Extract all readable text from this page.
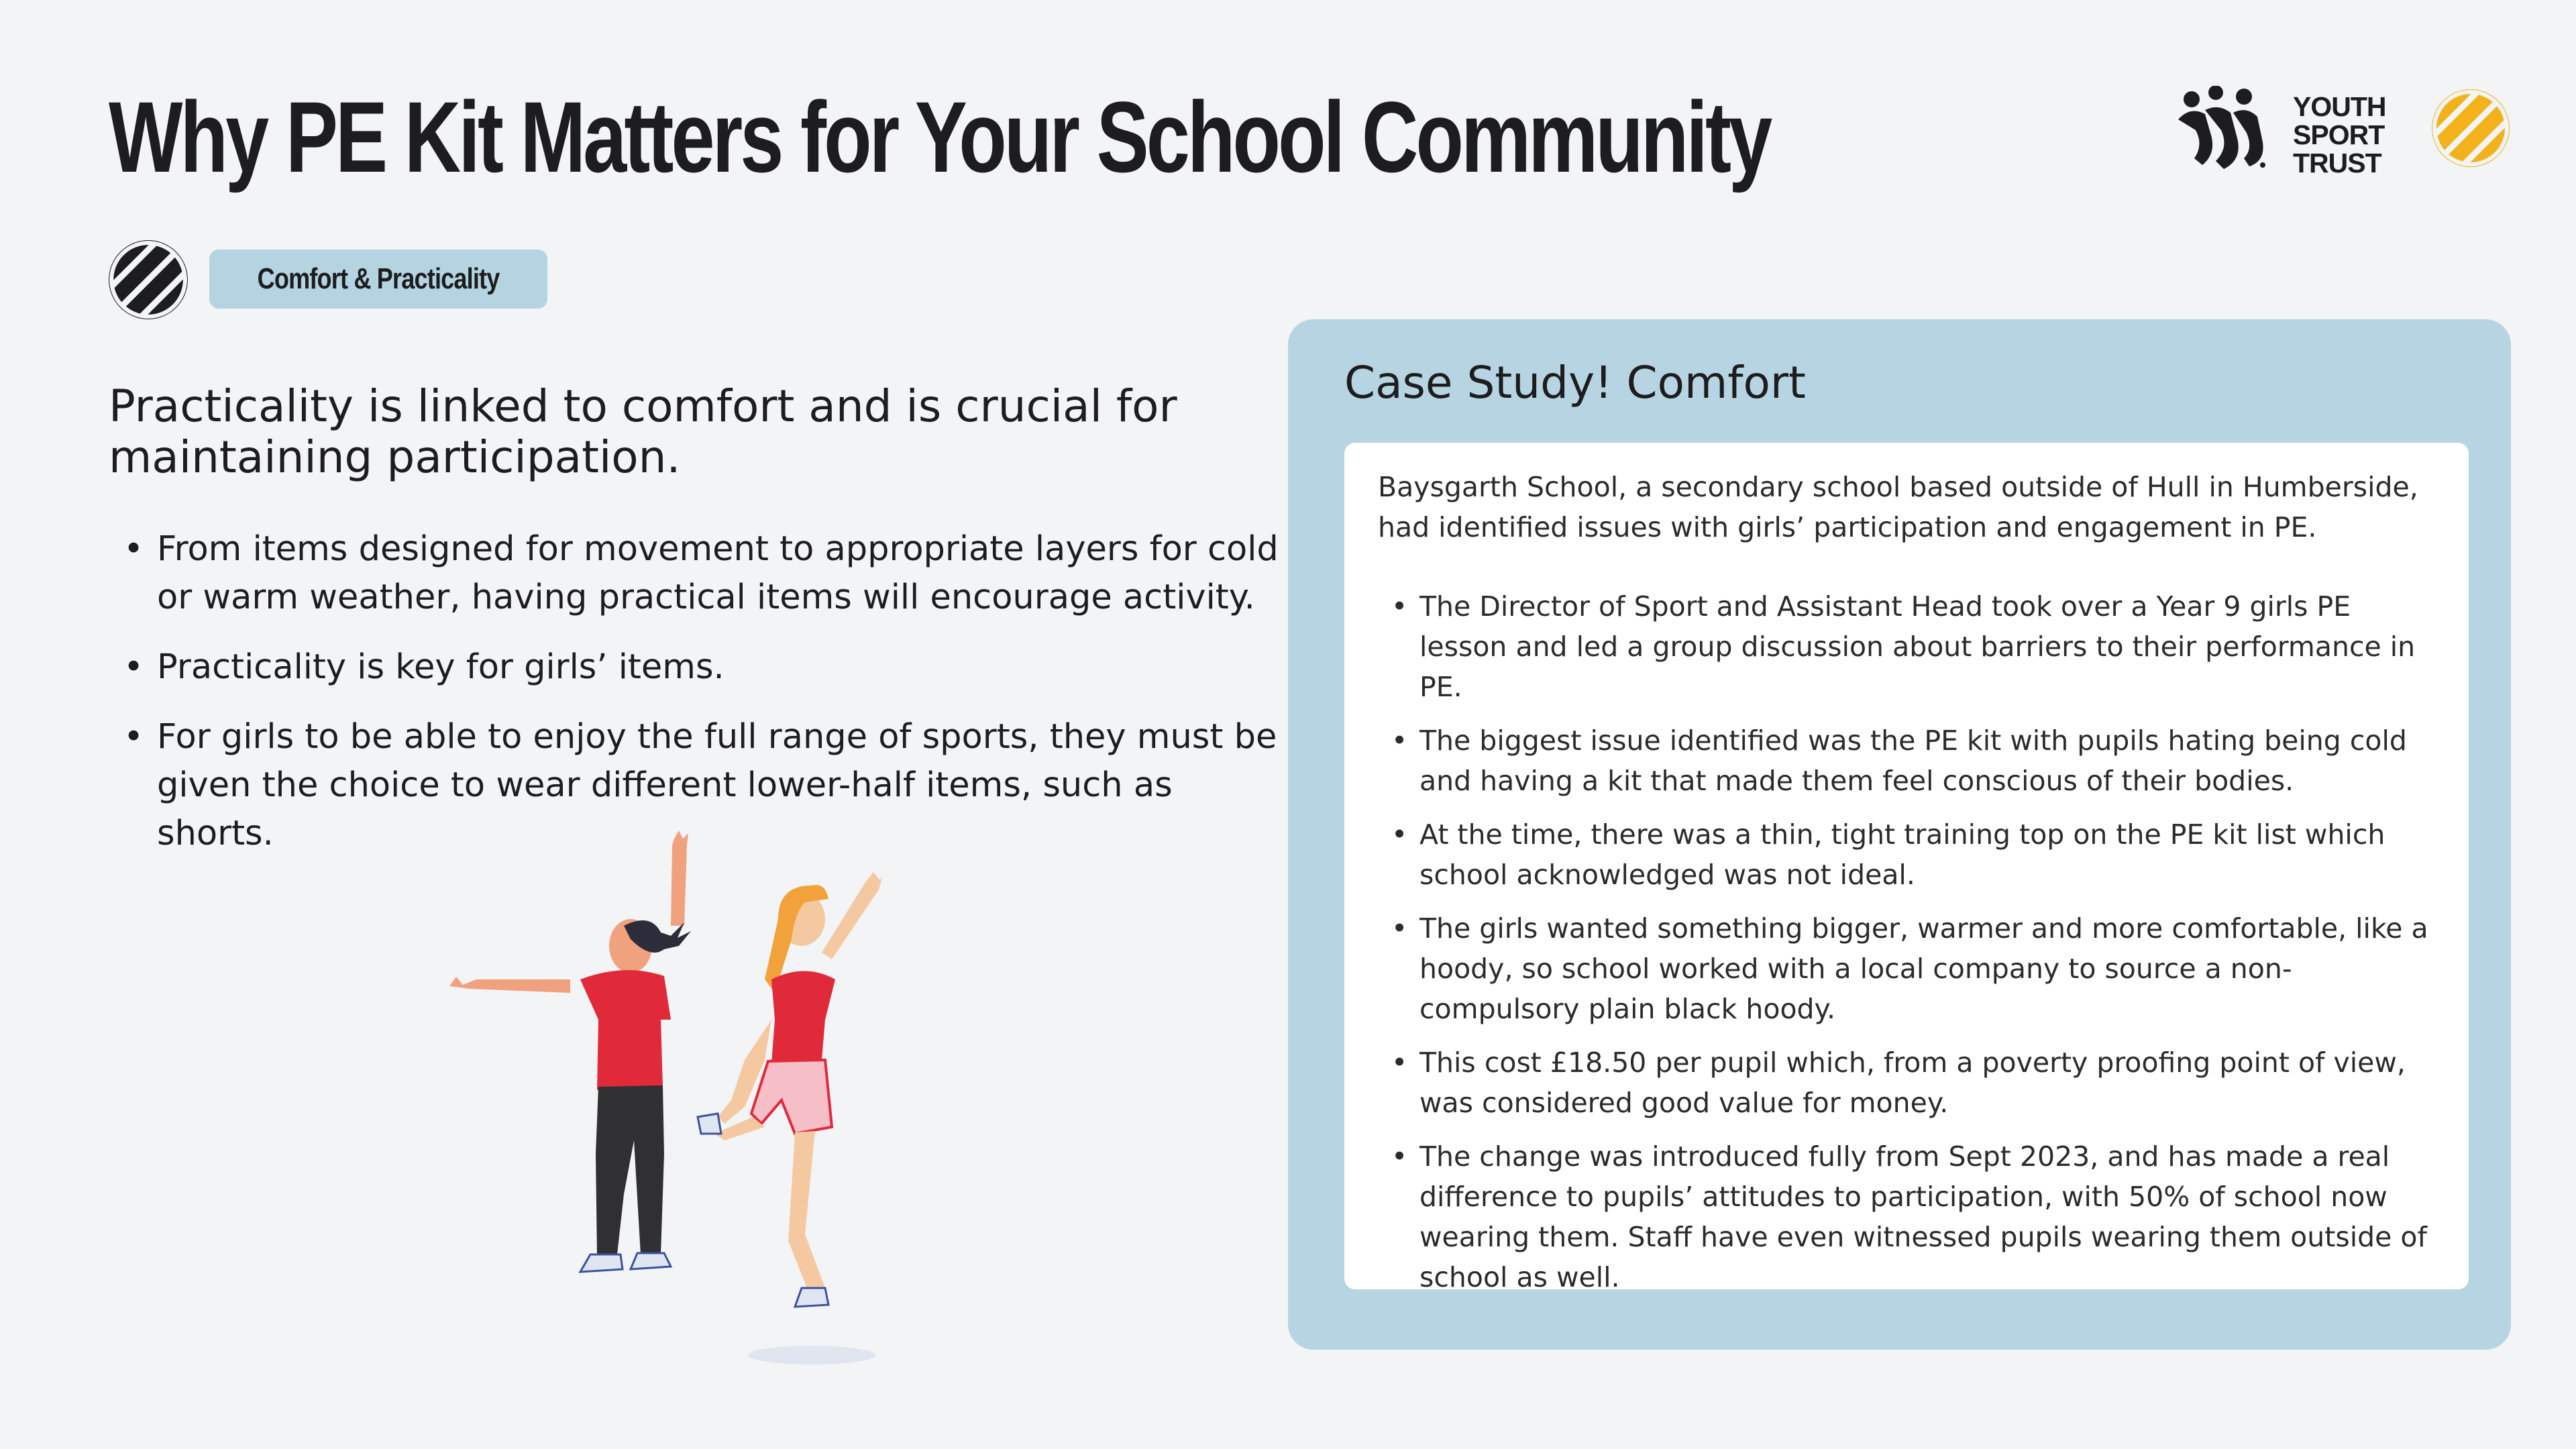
Why PE Kit Matters for Your School Community	YOUTH
SPORT
TRUST
Comfort & Practicality

Practicality is linked to comfort and is crucial for maintaining participation.

• From items designed for movement to appropriate layers for cold or warm weather, having practical items will encourage activity.
• Practicality is key for girls’ items.
• For girls to be able to enjoy the full range of sports, they must be given the choice to wear different lower-half items, such as shorts.
Case Study! Comfort

Baysgarth School, a secondary school based outside of Hull in Humberside, had identified issues with girls’ participation and engagement in PE.

• The Director of Sport and Assistant Head took over a Year 9 girls PE lesson and led a group discussion about barriers to their performance in PE.
• The biggest issue identified was the PE kit with pupils hating being cold and having a kit that made them feel conscious of their bodies.
• At the time, there was a thin, tight training top on the PE kit list which school acknowledged was not ideal.
• The girls wanted something bigger, warmer and more comfortable, like a hoody, so school worked with a local company to source a non-compulsory plain black hoody.
• This cost £18.50 per pupil which, from a poverty proofing point of view, was considered good value for money.
• The change was introduced fully from Sept 2023, and has made a real difference to pupils’ attitudes to participation, with 50% of school now wearing them. Staff have even witnessed pupils wearing them outside of school as well.
